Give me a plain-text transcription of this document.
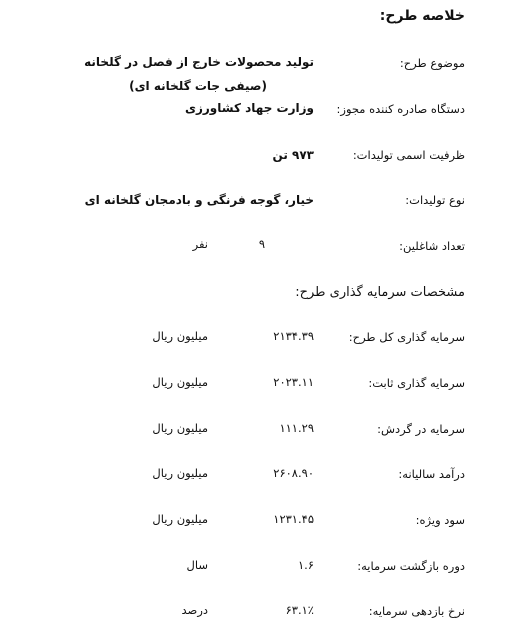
خلاصه طرح:
موضوع طرح:
تولید محصولات خارج از فصل در گلخانه
(صیفی جات گلخانه ای)
دستگاه صادره کننده مجوز:
وزارت جهاد کشاورزی
ظرفیت اسمی تولیدات:
۹۷۳ تن
نوع تولیدات:
خیار، گوجه فرنگی و بادمجان گلخانه ای
تعداد شاغلین:
۹
نفر
مشخصات سرمایه گذاری طرح:
سرمایه گذاری کل طرح:
۲۱۳۴.۳۹
میلیون ریال
سرمایه گذاری ثابت:
۲۰۲۳.۱۱
میلیون ریال
سرمایه در گردش:
۱۱۱.۲۹
میلیون ریال
درآمد سالیانه:
۲۶۰۸.۹۰
میلیون ریال
سود ویژه:
۱۲۳۱.۴۵
میلیون ریال
دوره بازگشت سرمایه:
۱.۶
سال
نرخ بازدهی سرمایه:
۶۳.۱٪
درصد
